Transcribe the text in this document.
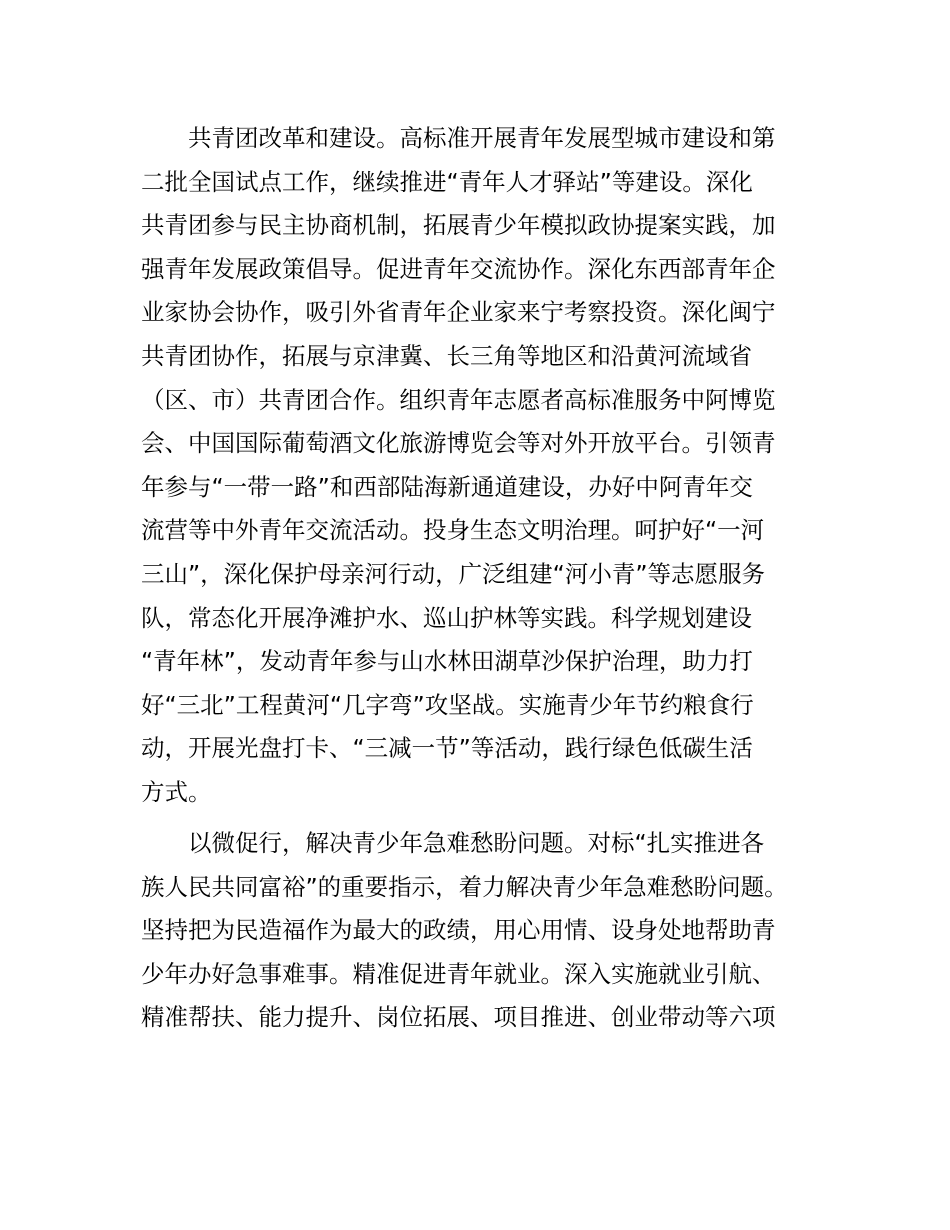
　　共青团改革和建设。高标准开展青年发展型城市建设和第
二批全国试点工作，继续推进“青年人才驿站”等建设。深化
共青团参与民主协商机制，拓展青少年模拟政协提案实践，加
强青年发展政策倡导。促进青年交流协作。深化东西部青年企
业家协会协作，吸引外省青年企业家来宁考察投资。深化闽宁
共青团协作，拓展与京津冀、长三角等地区和沿黄河流域省
（区、市）共青团合作。组织青年志愿者高标准服务中阿博览
会、中国国际葡萄酒文化旅游博览会等对外开放平台。引领青
年参与“一带一路”和西部陆海新通道建设，办好中阿青年交
流营等中外青年交流活动。投身生态文明治理。呵护好“一河
三山”，深化保护母亲河行动，广泛组建“河小青”等志愿服务
队，常态化开展净滩护水、巡山护林等实践。科学规划建设
“青年林”，发动青年参与山水林田湖草沙保护治理，助力打
好“三北”工程黄河“几字弯”攻坚战。实施青少年节约粮食行
动，开展光盘打卡、“三减一节”等活动，践行绿色低碳生活
方式。
　　以微促行，解决青少年急难愁盼问题。对标“扎实推进各
族人民共同富裕”的重要指示，着力解决青少年急难愁盼问题。
坚持把为民造福作为最大的政绩，用心用情、设身处地帮助青
少年办好急事难事。精准促进青年就业。深入实施就业引航、
精准帮扶、能力提升、岗位拓展、项目推进、创业带动等六项
